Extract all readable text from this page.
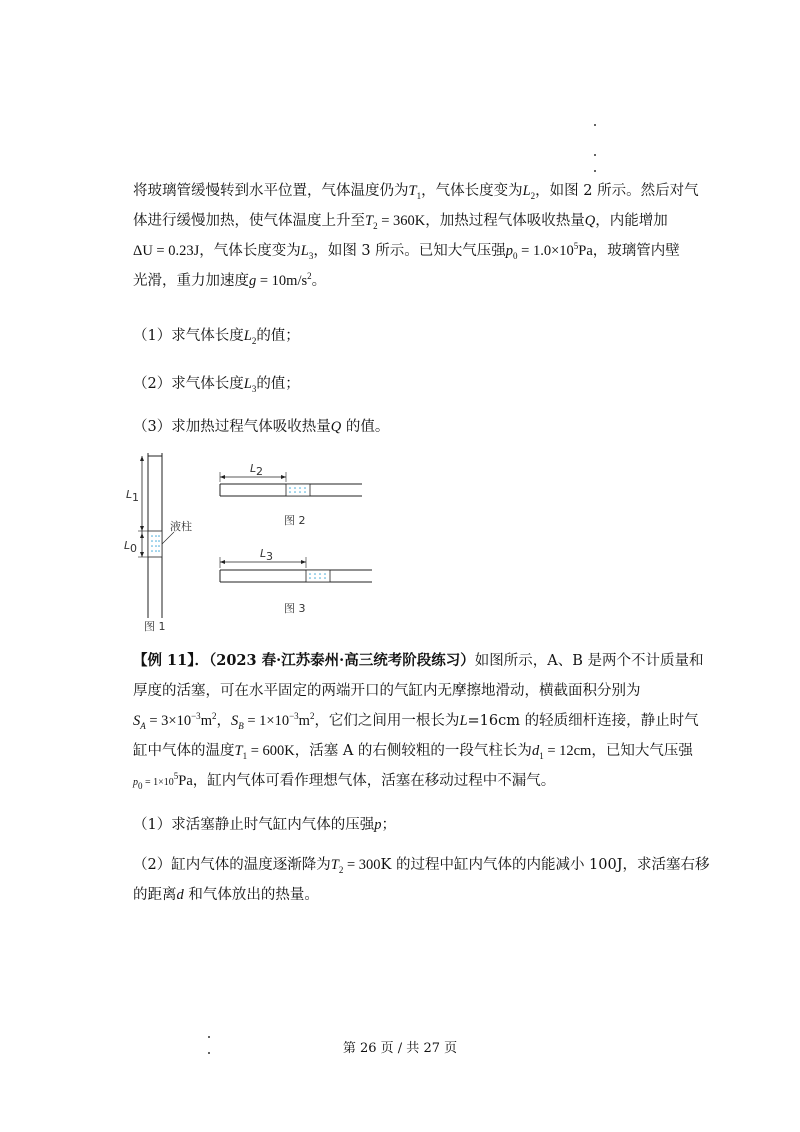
将玻璃管缓慢转到水平位置，气体温度仍为$T_1$，气体长度变为$L_2$，如图 2 所示。然后对气
体进行缓慢加热，使气体温度上升至$T_2 = 360K$，加热过程气体吸收热量Q，内能增加
ΔU = 0.23J，气体长度变为$L_3$，如图 3 所示。已知大气压强$p_0 = 1.0\times 10^5Pa$，玻璃管内壁
光滑，重力加速度$g = 10m/s^2$。
（1）求气体长度$L_2$的值；
（2）求气体长度$L_3$的值；
（3）求加热过程气体吸收热量Q 的值。
L 1
L 0
液柱
图 1
L 2
图 2
L 3
图 3
【例 11】．（2023 春·江苏泰州·高三统考阶段练习）如图所示，A、B 是两个不计质量和
厚度的活塞，可在水平固定的两端开口的气缸内无摩擦地滑动，横截面积分别为
$S_A = 3\times 10^{-3}m^2$，$S_B = 1\times 10^{-3}m^2$，它们之间用一根长为L=16cm 的轻质细杆连接，静止时气
缸中气体的温度$T_1 = 600K$，活塞 A 的右侧较粗的一段气柱长为$d_1 = 12cm$，已知大气压强
$p_0 = 1\times 10^5Pa$，缸内气体可看作理想气体，活塞在移动过程中不漏气。
（1）求活塞静止时气缸内气体的压强p；
（2）缸内气体的温度逐渐降为$T_2 = 300K$ 的过程中缸内气体的内能减小 100J，求活塞右移
的距离d 和气体放出的热量。
第 26 页 / 共 27 页
